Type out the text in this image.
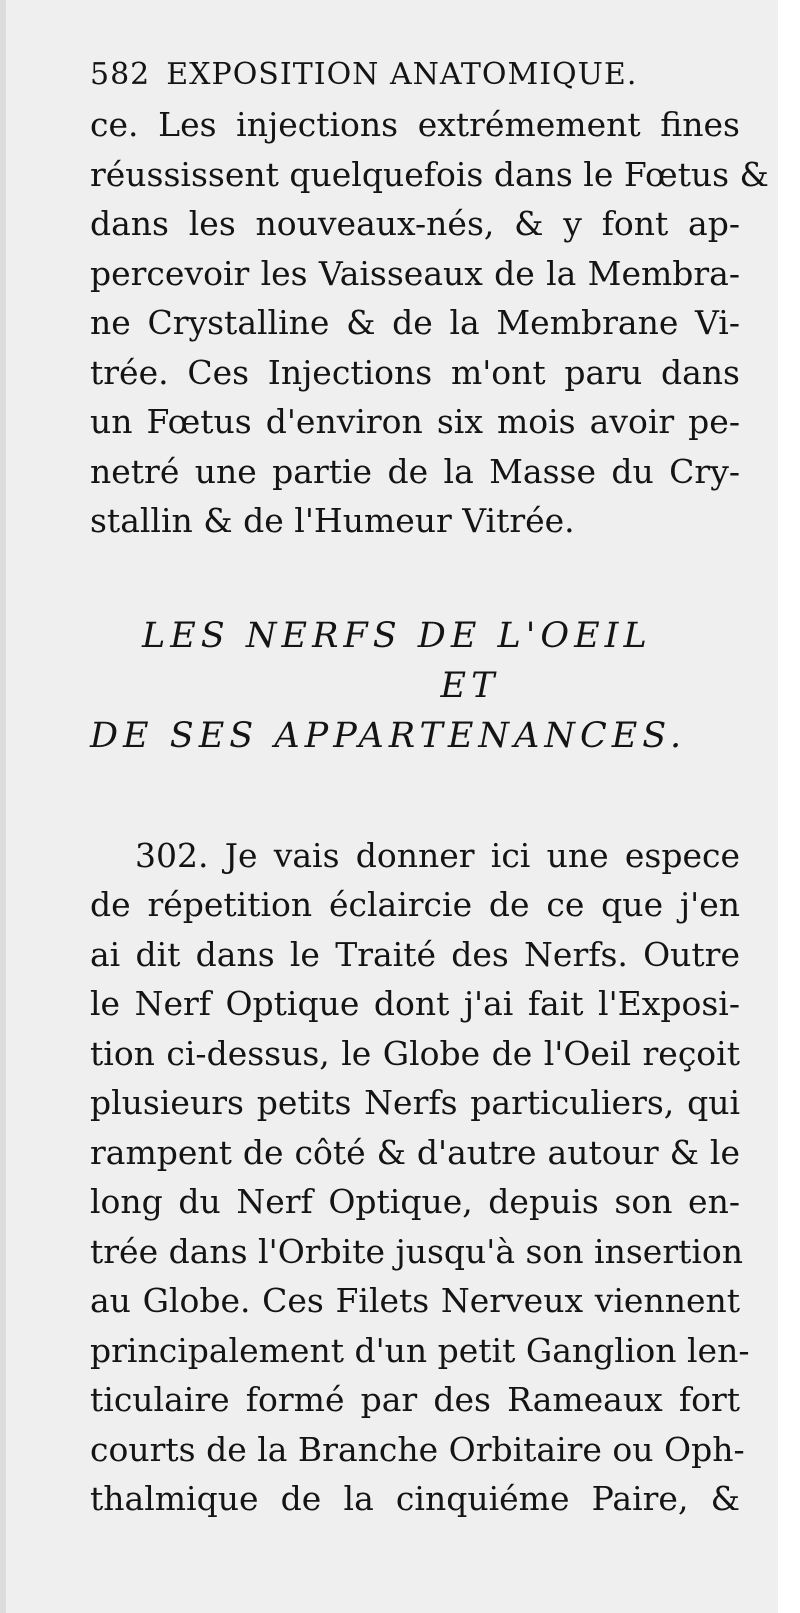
582 EXPOSITION ANATOMIQUE.
ce. Les injections extrémement fines
réussissent quelquefois dans le Fœtus &
dans les nouveaux-nés, & y font ap-
percevoir les Vaisseaux de la Membra-
ne Crystalline & de la Membrane Vi-
trée. Ces Injections m'ont paru dans
un Fœtus d'environ six mois avoir pe-
netré une partie de la Masse du Cry-
stallin & de l'Humeur Vitrée.
LES NERFS DE L'OEIL
ET
DE SES APPARTENANCES.
302. Je vais donner ici une espece
de répetition éclaircie de ce que j'en
ai dit dans le Traité des Nerfs. Outre
le Nerf Optique dont j'ai fait l'Exposi-
tion ci-dessus, le Globe de l'Oeil reçoit
plusieurs petits Nerfs particuliers, qui
rampent de côté & d'autre autour & le
long du Nerf Optique, depuis son en-
trée dans l'Orbite jusqu'à son insertion
au Globe. Ces Filets Nerveux viennent
principalement d'un petit Ganglion len-
ticulaire formé par des Rameaux fort
courts de la Branche Orbitaire ou Oph-
thalmique de la cinquiéme Paire, &
